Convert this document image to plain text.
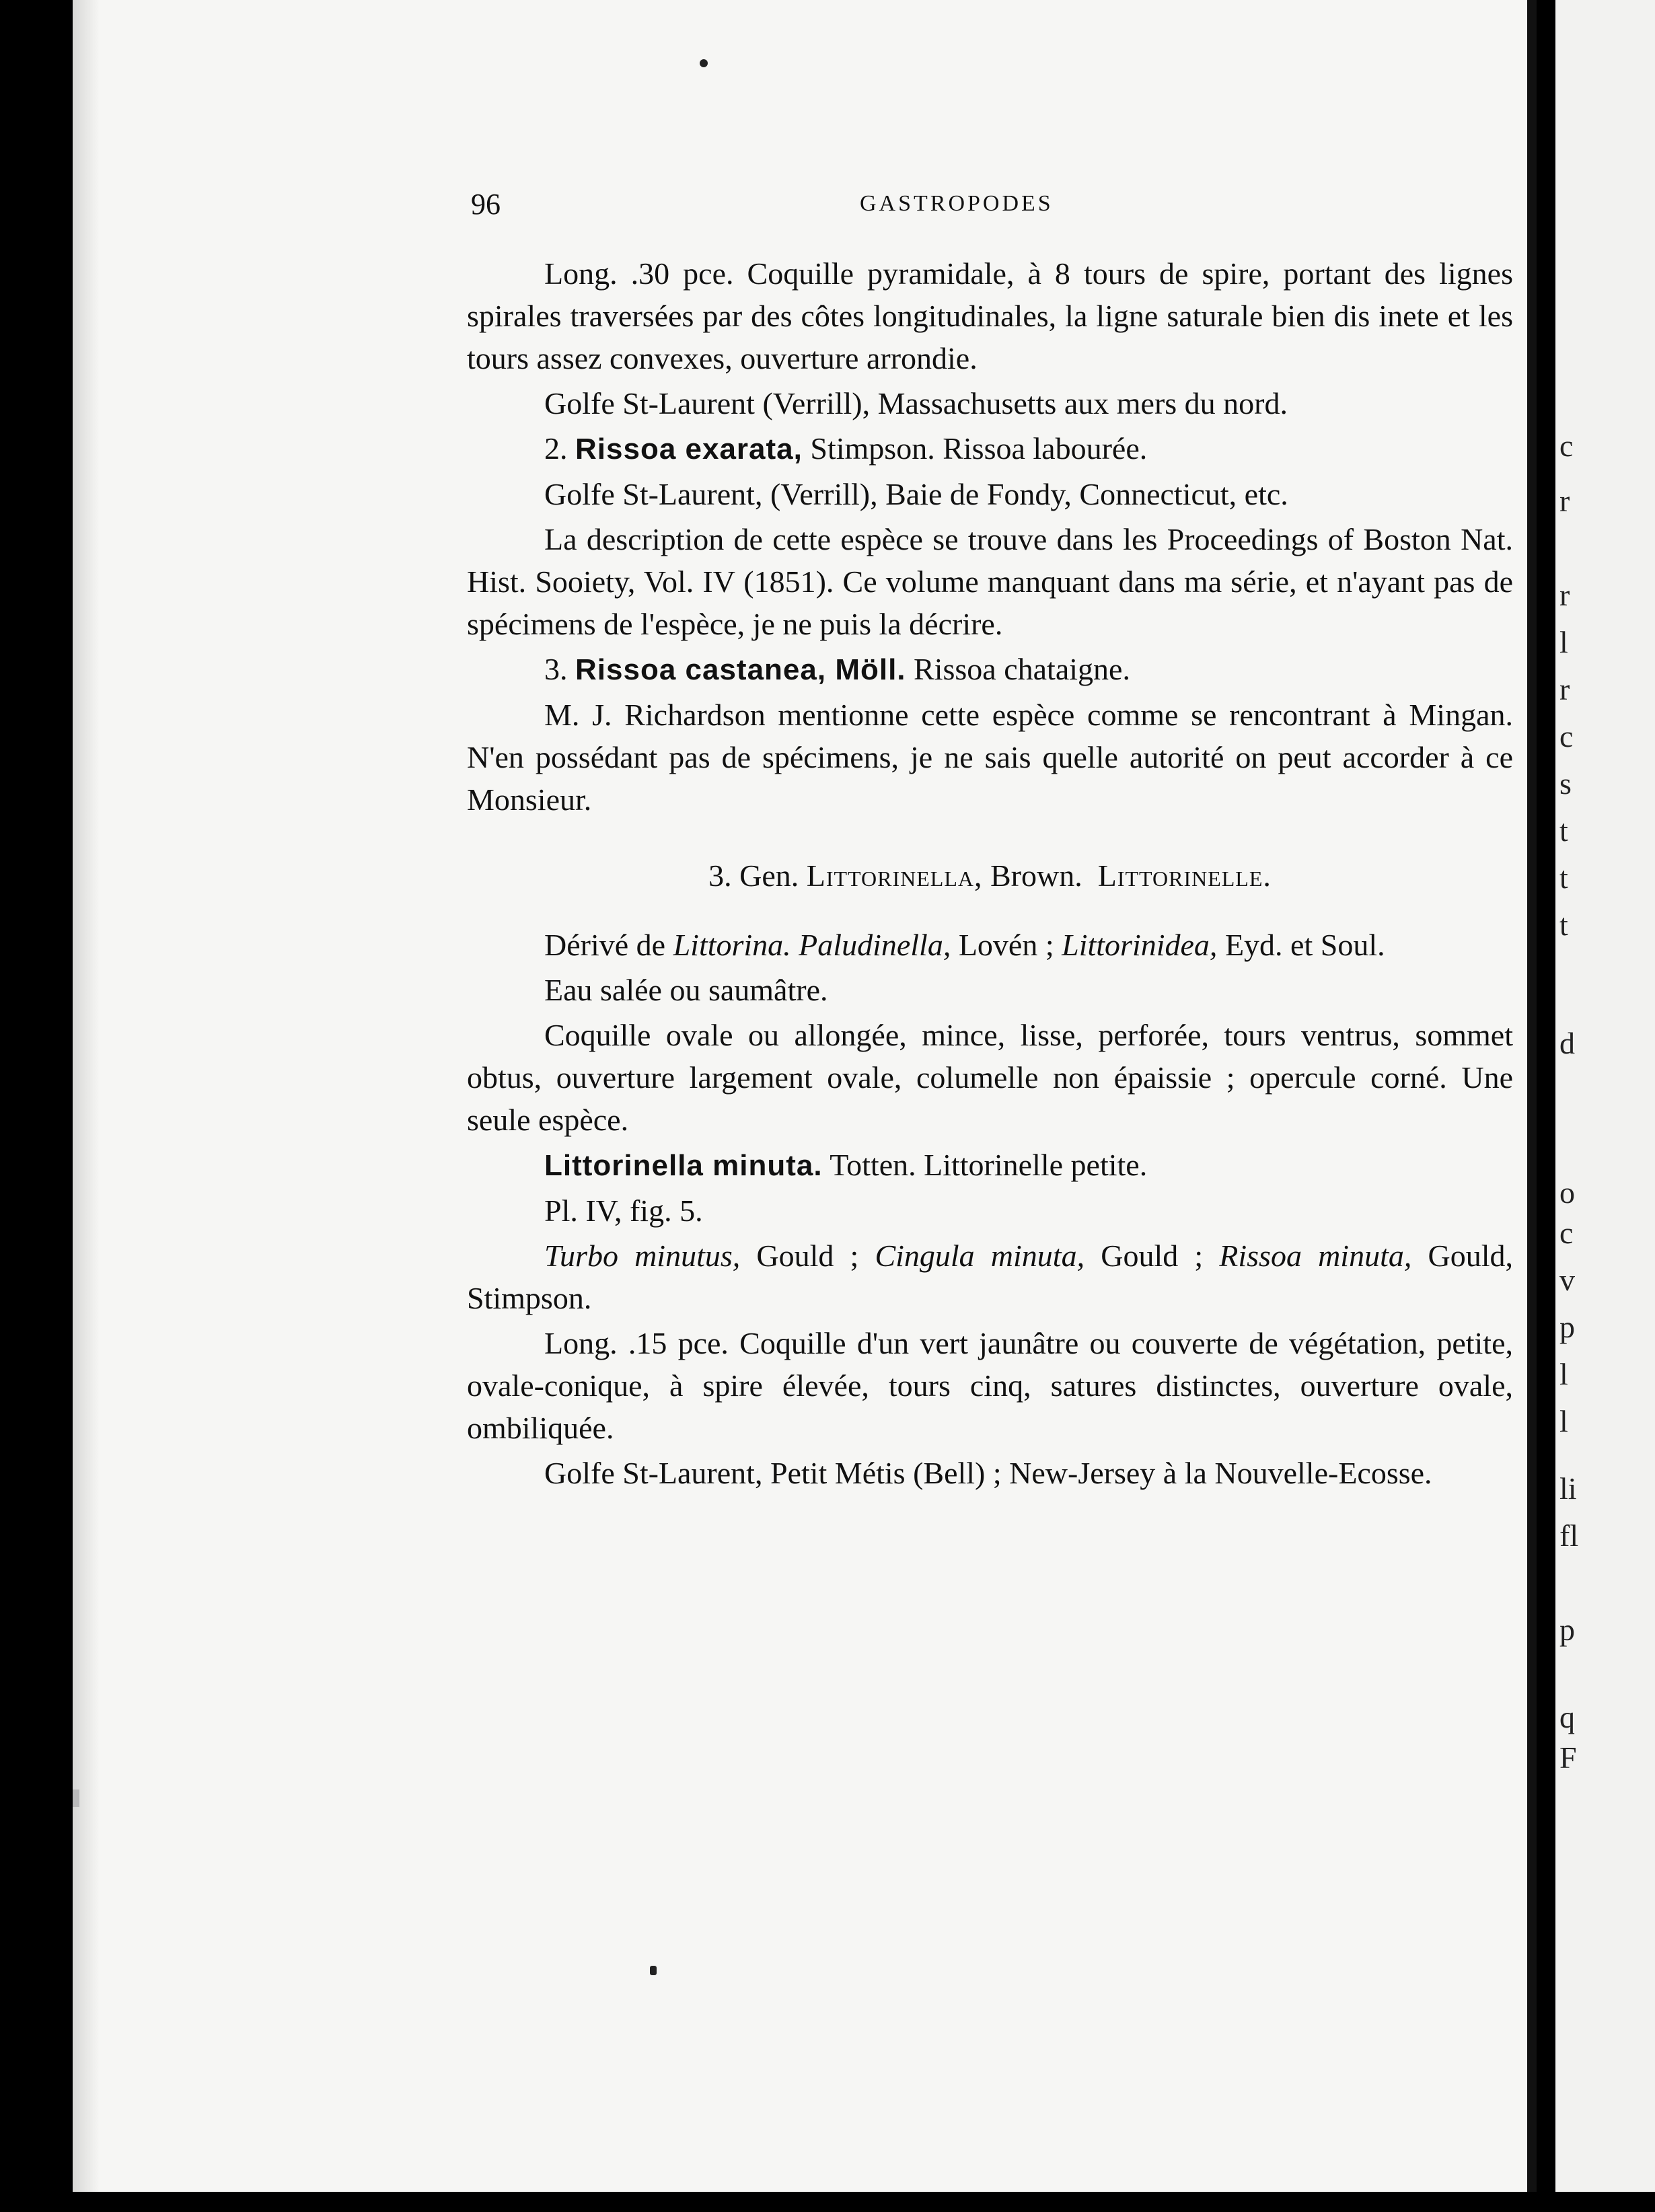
96	GASTROPODES

Long. .30 pce. Coquille pyramidale, à 8 tours de spire, portant des lignes spirales traversées par des côtes longitudinales, la ligne saturale bien dis inete et les tours assez convexes, ouverture arrondie.

Golfe St-Laurent (Verrill), Massachusetts aux mers du nord.

2. Rissoa exarata, Stimpson. Rissoa labourée.

Golfe St-Laurent, (Verrill), Baie de Fondy, Connecticut, etc.

La description de cette espèce se trouve dans les Proceedings of Boston Nat. Hist. Sooiety, Vol. IV (1851). Ce volume manquant dans ma série, et n'ayant pas de spécimens de l'espèce, je ne puis la décrire.

3. Rissoa castanea, Möll. Rissoa chataigne.

M. J. Richardson mentionne cette espèce comme se rencontrant à Mingan. N'en possédant pas de spécimens, je ne sais quelle autorité on peut accorder à ce Monsieur.

3. Gen. Littorinella, Brown. Littorinelle.

Dérivé de Littorina. Paludinella, Lovén ; Littorinidea, Eyd. et Soul.

Eau salée ou saumâtre.

Coquille ovale ou allongée, mince, lisse, perforée, tours ventrus, sommet obtus, ouverture largement ovale, columelle non épaissie ; opercule corné. Une seule espèce.

Littorinella minuta. Totten. Littorinelle petite.

Pl. IV, fig. 5.

Turbo minutus, Gould ; Cingula minuta, Gould ; Rissoa minuta, Gould, Stimpson.

Long. .15 pce. Coquille d'un vert jaunâtre ou couverte de végétation, petite, ovale-conique, à spire élevée, tours cinq, satures distinctes, ouverture ovale, ombiliquée.

Golfe St-Laurent, Petit Métis (Bell) ; New-Jersey à la Nouvelle-Ecosse.

c
r
r
l
r
c
s
t
t
t
d
o
c
v
p
l
l
li
fl
p
q
F
